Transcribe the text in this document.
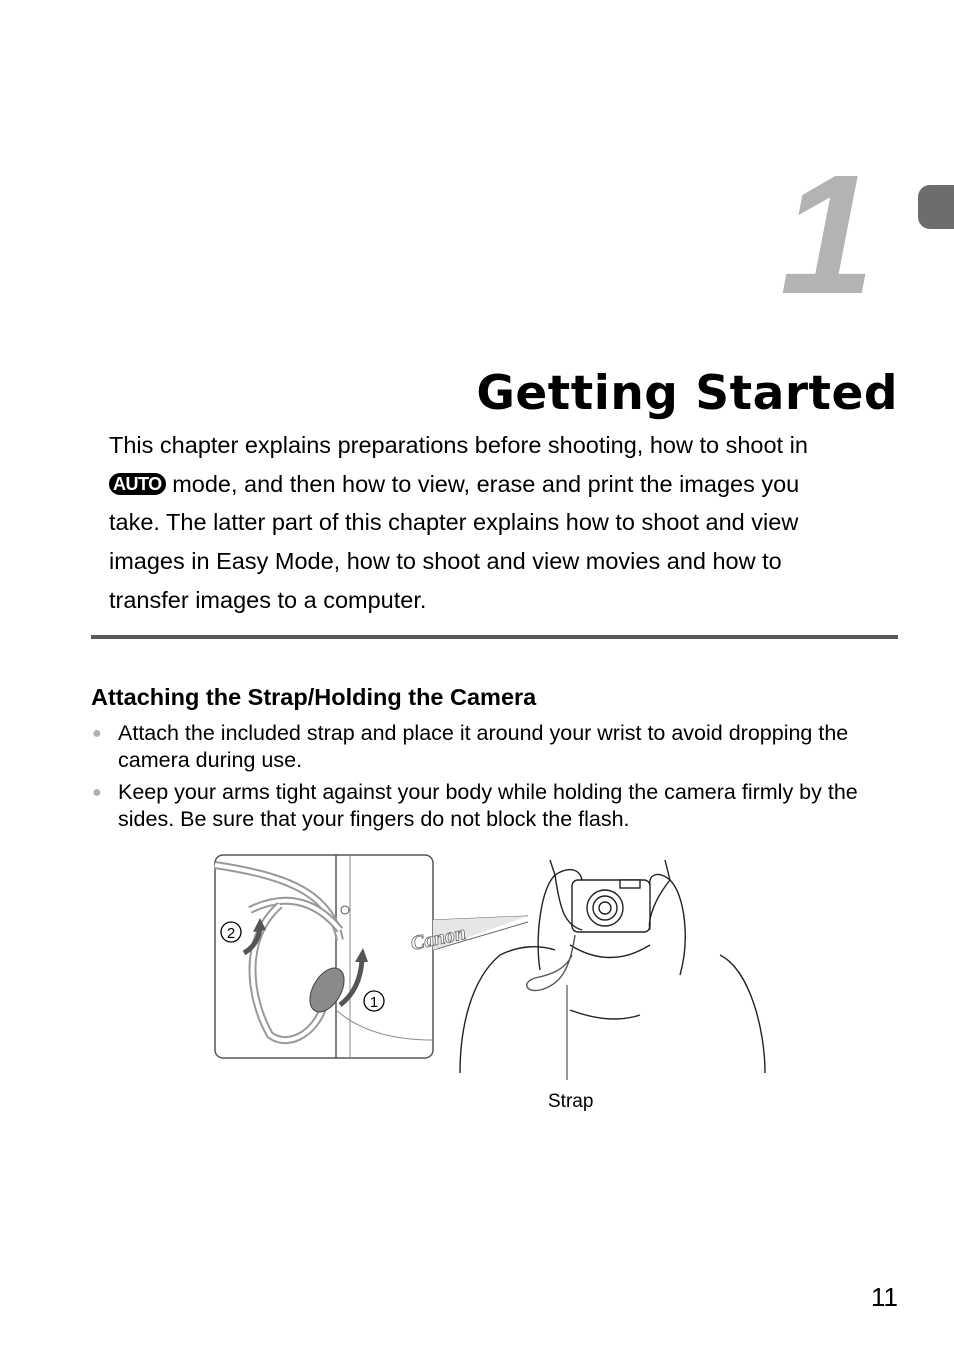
1
Getting Started

This chapter explains preparations before shooting, how to shoot in
AUTO mode, and then how to view, erase and print the images you
take. The latter part of this chapter explains how to shoot and view
images in Easy Mode, how to shoot and view movies and how to
transfer images to a computer.

Attaching the Strap/Holding the Camera
● Attach the included strap and place it around your wrist to avoid dropping the camera during use.
● Keep your arms tight against your body while holding the camera firmly by the sides. Be sure that your fingers do not block the flash.
2
1
Canon
Strap
11
